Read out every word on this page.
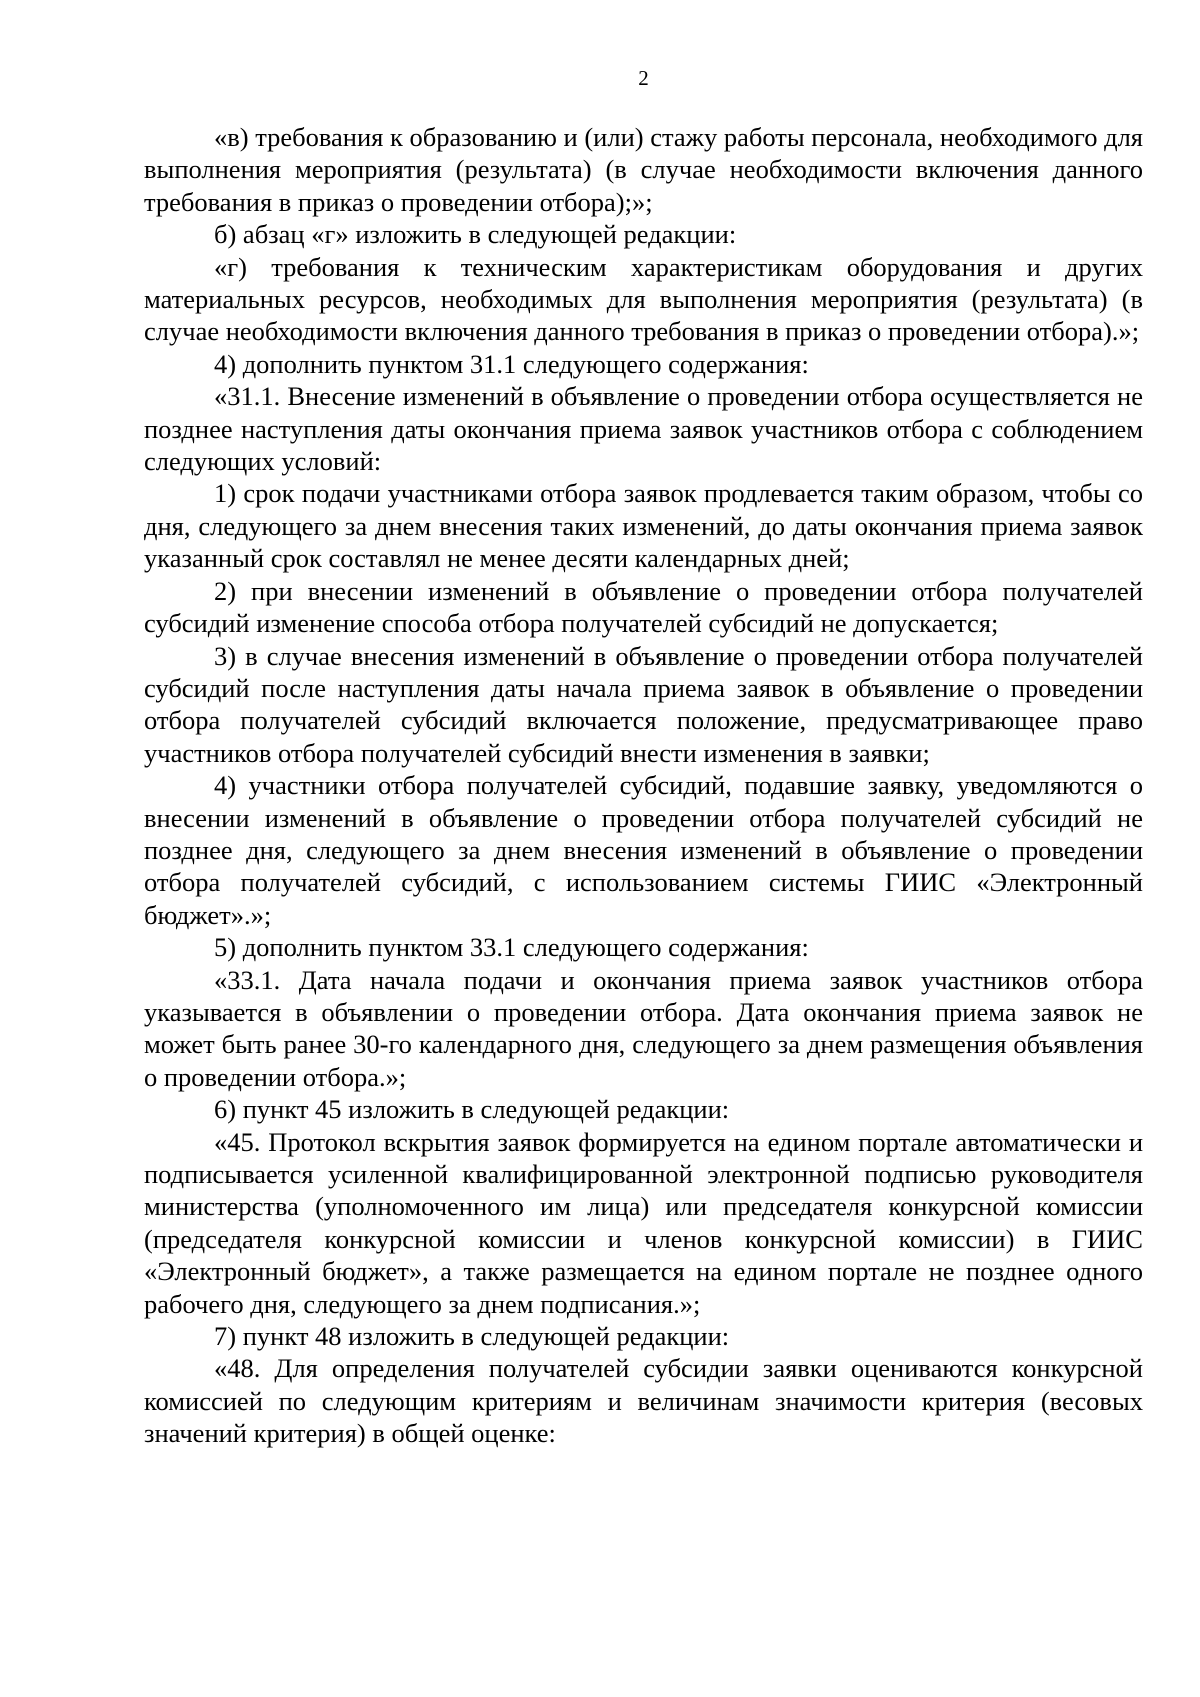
2

«в) требования к образованию и (или) стажу работы персонала, необходимого для выполнения мероприятия (результата) (в случае необходимости включения данного требования в приказ о проведении отбора);»;

б) абзац «г» изложить в следующей редакции:

«г) требования к техническим характеристикам оборудования и других материальных ресурсов, необходимых для выполнения мероприятия (результата) (в случае необходимости включения данного требования в приказ о проведении отбора).»;

4) дополнить пунктом 31.1 следующего содержания:

«31.1. Внесение изменений в объявление о проведении отбора осуществляется не позднее наступления даты окончания приема заявок участников отбора с соблюдением следующих условий:

1) срок подачи участниками отбора заявок продлевается таким образом, чтобы со дня, следующего за днем внесения таких изменений, до даты окончания приема заявок указанный срок составлял не менее десяти календарных дней;

2) при внесении изменений в объявление о проведении отбора получателей субсидий изменение способа отбора получателей субсидий не допускается;

3) в случае внесения изменений в объявление о проведении отбора получателей субсидий после наступления даты начала приема заявок в объявление о проведении отбора получателей субсидий включается положение, предусматривающее право участников отбора получателей субсидий внести изменения в заявки;

4) участники отбора получателей субсидий, подавшие заявку, уведомляются о внесении изменений в объявление о проведении отбора получателей субсидий не позднее дня, следующего за днем внесения изменений в объявление о проведении отбора получателей субсидий, с использованием системы ГИИС «Электронный бюджет».»;

5) дополнить пунктом 33.1 следующего содержания:

«33.1. Дата начала подачи и окончания приема заявок участников отбора указывается в объявлении о проведении отбора. Дата окончания приема заявок не может быть ранее 30-го календарного дня, следующего за днем размещения объявления о проведении отбора.»;

6) пункт 45 изложить в следующей редакции:

«45. Протокол вскрытия заявок формируется на едином портале автоматически и подписывается усиленной квалифицированной электронной подписью руководителя министерства (уполномоченного им лица) или председателя конкурсной комиссии (председателя конкурсной комиссии и членов конкурсной комиссии) в ГИИС «Электронный бюджет», а также размещается на едином портале не позднее одного рабочего дня, следующего за днем подписания.»;

7) пункт 48 изложить в следующей редакции:

«48. Для определения получателей субсидии заявки оцениваются конкурсной комиссией по следующим критериям и величинам значимости критерия (весовых значений критерия) в общей оценке:
